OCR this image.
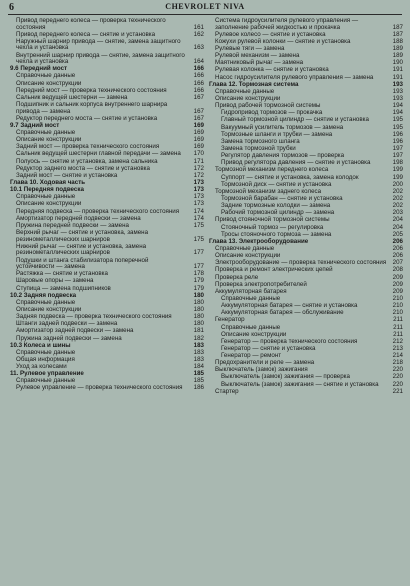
6	CHEVROLET NIVA
Привод переднего колеса — проверка технического состояния	161
Привод переднего колеса — снятие и установка	162
Наружный шарнир привода — снятие, замена защитного чехла и установка	163
Внутренний шарнир привода — снятие, замена защитного чехла и установка	164
9.6 Передний мост	166
Справочные данные	166
Описание конструкции	166
Передний мост — проверка технического состояния	166
Сальник ведущей шестерни — замена	167
Подшипник и сальник корпуса внутреннего шарнира привода — замена	167
Редуктор переднего моста — снятие и установка	167
9.7 Задний мост	169
Справочные данные	169
Описание конструкции	169
Задний мост — проверка технического состояния	169
Сальник ведущей шестерни главной передачи — замена	170
Полуось — снятие и установка, замена сальника	171
Редуктор заднего моста — снятие и установка	172
Задний мост — снятие и установка	172
Глава 10. Ходовая часть	173
10.1 Передняя подвеска	173
Справочные данные	173
Описание конструкции	173
Передняя подвеска — проверка технического состояния	174
Амортизатор передней подвески — замена	174
Пружина передней подвески — замена	175
Верхний рычаг — снятие и установка, замена резинометаллических шарниров	175
Нижний рычаг — снятие и установка, замена резинометаллических шарниров	177
Подушки и штанга стабилизатора поперечной устойчивости — замена	177
Растяжка — снятие и установка	178
Шаровые опоры — замена	179
Ступица — замена подшипников	179
10.2 Задняя подвеска	180
Справочные данные	180
Описание конструкции	180
Задняя подвеска — проверка технического состояния	180
Штанги задней подвески — замена	180
Амортизатор задней подвески — замена	181
Пружина задней подвески — замена	182
10.3 Колеса и шины	183
Справочные данные	183
Общая информация	183
Уход за колесами	184
11. Рулевое управление	185
Справочные данные	185
Рулевое управление — проверка технического состояния	186
Система гидроусилителя рулевого управления — заполнение рабочей жидкостью и прокачка	187
Рулевое колесо — снятие и установка	187
Кожухи рулевой колонки — снятие и установка	188
Рулевые тяги — замена	189
Рулевой механизм — замена	189
Маятниковый рычаг — замена	190
Рулевая колонка — снятие и установка	191
Насос гидроусилителя рулевого управления — замена	191
Глава 12. Тормозная система	193
Справочные данные	193
Описание конструкции	193
Привод рабочей тормозной системы	194
Гидропривод тормозов — прокачка	194
Главный тормозной цилиндр — снятие и установка	195
Вакуумный усилитель тормозов — замена	195
Тормозные шланги и трубки — замена	196
Замена тормозного шланга	196
Замена тормозной трубки	197
Регулятор давления тормозов — проверка	197
Привод регулятора давления — снятие и установка	198
Тормозной механизм переднего колеса	199
Суппорт — снятие и установка, замена колодок	199
Тормозной диск — снятие и установка	200
Тормозной механизм заднего колеса	202
Тормозной барабан — снятие и установка	202
Задние тормозные колодки — замена	202
Рабочий тормозной цилиндр — замена	203
Привод стояночной тормозной системы	204
Стояночный тормоз — регулировка	204
Тросы стояночного тормоза — замена	205
Глава 13. Электрооборудование	206
Справочные данные	206
Описание конструкции	206
Электрооборудование — проверка технического состояния	207
Проверка и ремонт электрических цепей	208
Проверка реле	209
Проверка электропотребителей	209
Аккумуляторная батарея	209
Справочные данные	210
Аккумуляторная батарея — снятие и установка	210
Аккумуляторная батарея — обслуживание	210
Генератор	211
Справочные данные	211
Описание конструкции	211
Генератор — проверка технического состояния	212
Генератор — снятие и установка	213
Генератор — ремонт	214
Предохранители и реле — замена	218
Выключатель (замок) зажигания	220
Выключатель (замок) зажигания — проверка	220
Выключатель (замок) зажигания — снятие и установка	220
Стартер	221
